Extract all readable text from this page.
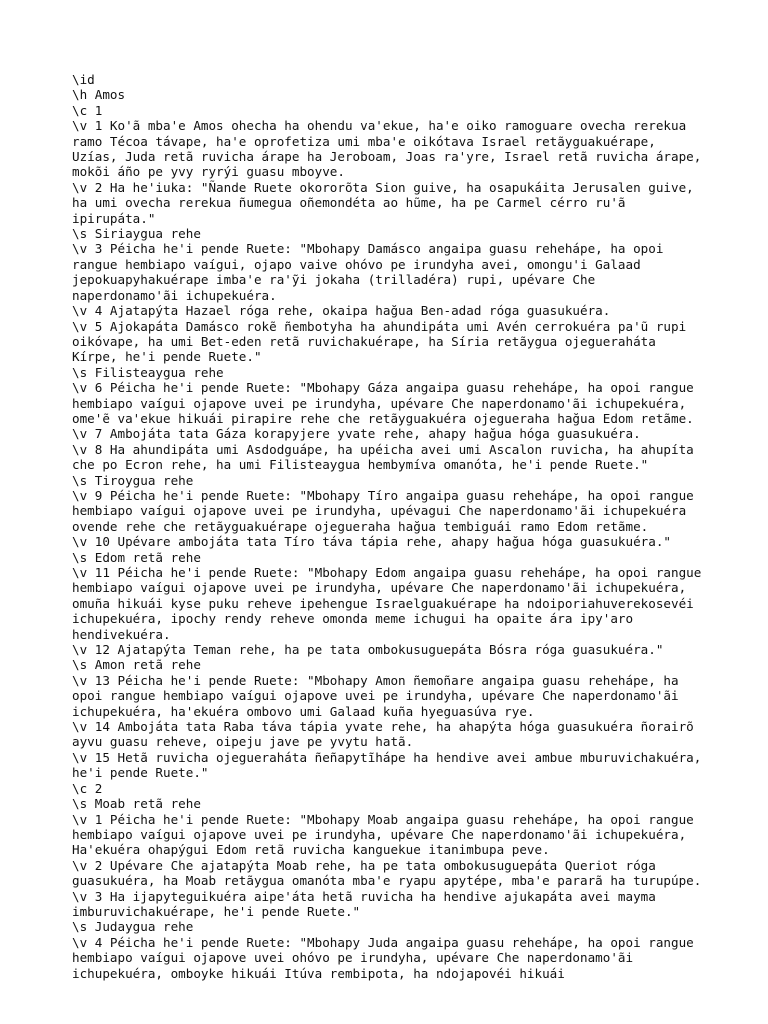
\id
\h Amos
\c 1
\v 1 Ko'ã mba'e Amos ohecha ha ohendu va'ekue, ha'e oiko ramoguare ovecha rerekua
ramo Técoa távape, ha'e oprofetiza umi mba'e oikótava Israel retãyguakuérape,
Uzías, Juda retã ruvicha árape ha Jeroboam, Joas ra'yre, Israel retã ruvicha árape,
mokõi áño pe yvy ryrýi guasu mboyve.
\v 2 Ha he'iuka: "Ñande Ruete okororõta Sion guive, ha osapukáita Jerusalen guive,
ha umi ovecha rerekua ñumegua oñemondéta ao hũme, ha pe Carmel cérro ru'ã
ipirupáta."
\s Siriaygua rehe
\v 3 Péicha he'i pende Ruete: "Mbohapy Damásco angaipa guasu reheháре, ha opoi
rangue hembiapo vaígui, ojapo vaive ohóvo pe irundyha avei, omongu'i Galaad
jepokuapyhakuérape imba'e ra'ỹi jokaha (trilladéra) rupi, upévare Che
naperdonamo'ãi ichupekuéra.
\v 4 Ajatapýta Hazael róga rehe, okaipa hağua Ben-adad róga guasukuéra.
\v 5 Ajokapáta Damásco rokẽ ñembotyha ha ahundipáta umi Avén cerrokuéra pa'ũ rupi
oikóvape, ha umi Bet-eden retã ruvichakuérape, ha Síria retãygua ojegueraháta
Kírpe, he'i pende Ruete."
\s Filisteaygua rehe
\v 6 Péicha he'i pende Ruete: "Mbohapy Gáza angaipa guasu reheháре, ha opoi rangue
hembiapo vaígui ojapove uvei pe irundyha, upévare Che naperdonamo'ãi ichupekuéra,
ome'ẽ va'ekue hikuái pirapire rehe che retãyguakuéra ojegueraha hağua Edom retãme.
\v 7 Ambojáta tata Gáza korapyjere yvate rehe, ahapy hağua hóga guasukuéra.
\v 8 Ha ahundipáta umi Asdodguápe, ha upéicha avei umi Ascalon ruvicha, ha ahupíta
che po Ecron rehe, ha umi Filisteaygua hembymíva omanóta, he'i pende Ruete."
\s Tiroygua rehe
\v 9 Péicha he'i pende Ruete: "Mbohapy Tíro angaipa guasu reheháре, ha opoi rangue
hembiapo vaígui ojapove uvei pe irundyha, upévagui Che naperdonamo'ãi ichupekuéra
ovende rehe che retãyguakuérape ojegueraha hağua tembiguái ramo Edom retãme.
\v 10 Upévare ambojáta tata Tíro táva tápia rehe, ahapy hağua hóga guasukuéra."
\s Edom retã rehe
\v 11 Péicha he'i pende Ruete: "Mbohapy Edom angaipa guasu reheháре, ha opoi rangue
hembiapo vaígui ojapove uvei pe irundyha, upévare Che naperdonamo'ãi ichupekuéra,
omuña hikuái kyse puku reheve ipehengue Israelguakuérape ha ndoiporiahuverekosevéi
ichupekuéra, ipochy rendy reheve omonda meme ichugui ha opaite ára ipy'aro
hendivekuéra.
\v 12 Ajatapýta Teman rehe, ha pe tata ombokusuguepáta Bósra róga guasukuéra."
\s Amon retã rehe
\v 13 Péicha he'i pende Ruete: "Mbohapy Amon ñemoñare angaipa guasu reheháре, ha
opoi rangue hembiapo vaígui ojapove uvei pe irundyha, upévare Che naperdonamo'ãi
ichupekuéra, ha'ekuéra ombovo umi Galaad kuña hyeguasúva rye.
\v 14 Ambojáta tata Raba táva tápia yvate rehe, ha ahapýta hóga guasukuéra ñorairõ
ayvu guasu reheve, oipeju jave pe yvytu hatã.
\v 15 Hetã ruvicha ojegueraháta ñeñapytĩháре ha hendive avei ambue mburuvichakuéra,
he'i pende Ruete."
\c 2
\s Moab retã rehe
\v 1 Péicha he'i pende Ruete: "Mbohapy Moab angaipa guasu reheháре, ha opoi rangue
hembiapo vaígui ojapove uvei pe irundyha, upévare Che naperdonamo'ãi ichupekuéra,
Ha'ekuéra ohapýgui Edom retã ruvicha kanguekue itanimbupa peve.
\v 2 Upévare Che ajatapýta Moab rehe, ha pe tata ombokusuguepáta Queriot róga
guasukuéra, ha Moab retãygua omanóta mba'e ryapu apytépe, mba'e pararã ha turupúpe.
\v 3 Ha ijapyteguikuéra aipe'áta hetã ruvicha ha hendive ajukapáta avei mayma
imburuvichakuérape, he'i pende Ruete."
\s Judaygua rehe
\v 4 Péicha he'i pende Ruete: "Mbohapy Juda angaipa guasu reheháре, ha opoi rangue
hembiapo vaígui ojapove uvei ohóvo pe irundyha, upévare Che naperdonamo'ãi
ichupekuéra, omboyke hikuái Itúva rembipota, ha ndojapovéi hikuái
